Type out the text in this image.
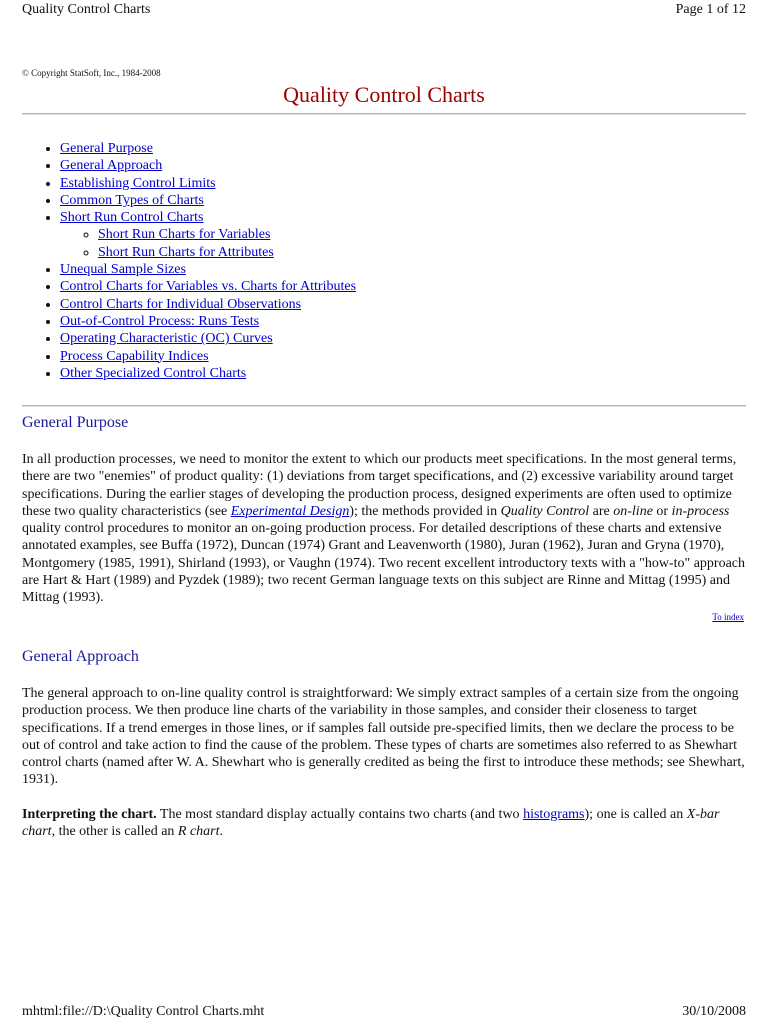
Quality Control Charts	Page 1 of 12
© Copyright StatSoft, Inc., 1984-2008
Quality Control Charts
• General Purpose
• General Approach
• Establishing Control Limits
• Common Types of Charts
• Short Run Control Charts
◦ Short Run Charts for Variables
◦ Short Run Charts for Attributes
• Unequal Sample Sizes
• Control Charts for Variables vs. Charts for Attributes
• Control Charts for Individual Observations
• Out-of-Control Process: Runs Tests
• Operating Characteristic (OC) Curves
• Process Capability Indices
• Other Specialized Control Charts
General Purpose

In all production processes, we need to monitor the extent to which our products meet specifications. In the most general terms, there are two "enemies" of product quality: (1) deviations from target specifications, and (2) excessive variability around target specifications. During the earlier stages of developing the production process, designed experiments are often used to optimize these two quality characteristics (see Experimental Design); the methods provided in Quality Control are on-line or in-process quality control procedures to monitor an on-going production process. For detailed descriptions of these charts and extensive annotated examples, see Buffa (1972), Duncan (1974) Grant and Leavenworth (1980), Juran (1962), Juran and Gryna (1970), Montgomery (1985, 1991), Shirland (1993), or Vaughn (1974). Two recent excellent introductory texts with a "how-to" approach are Hart & Hart (1989) and Pyzdek (1989); two recent German language texts on this subject are Rinne and Mittag (1995) and Mittag (1993).

To index
General Approach

The general approach to on-line quality control is straightforward: We simply extract samples of a certain size from the ongoing production process. We then produce line charts of the variability in those samples, and consider their closeness to target specifications. If a trend emerges in those lines, or if samples fall outside pre-specified limits, then we declare the process to be out of control and take action to find the cause of the problem. These types of charts are sometimes also referred to as Shewhart control charts (named after W. A. Shewhart who is generally credited as being the first to introduce these methods; see Shewhart, 1931).

Interpreting the chart. The most standard display actually contains two charts (and two histograms); one is called an X-bar chart, the other is called an R chart.

mhtml:file://D:\Quality Control Charts.mht	30/10/2008
